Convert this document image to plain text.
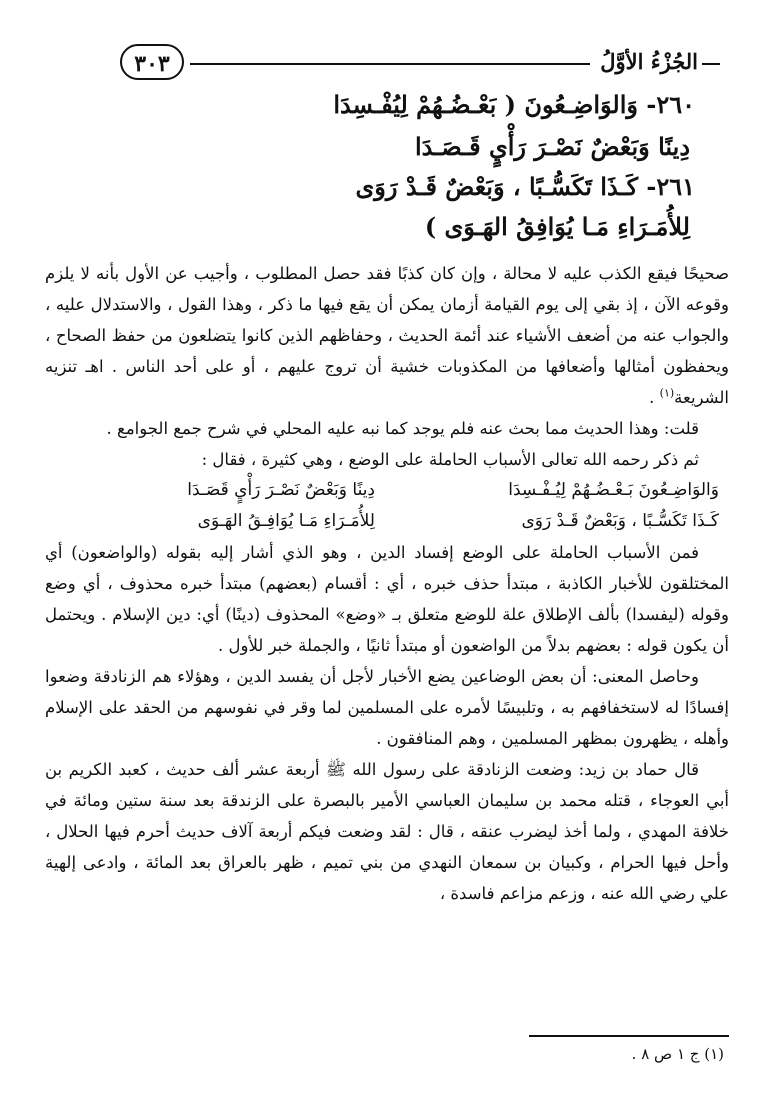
الجُزْءُ الأوَّلُ
٣٠٣
٢٦٠- وَالوَاضِـعُونَ ( بَعْـضُـهُمْ لِيُفْـسِدَا
دِينًا وَبَعْضٌ نَصْـرَ رَأْيٍ قَـصَـدَا
٢٦١- كَـذَا تَكَسُّـبًا ، وَبَعْضٌ قَـدْ رَوَى
لِلأُمَـرَاءِ مَـا يُوَافِقُ الهَـوَى )

صحيحًا فيقع الكذب عليه لا محالة ، وإن كان كذبًا فقد حصل المطلوب ، وأجيب عن الأول بأنه لا يلزم وقوعه الآن ، إذ بقي إلى يوم القيامة أزمان يمكن أن يقع فيها ما ذكر ، وهذا القول ، والاستدلال عليه ، والجواب عنه من أضعف الأشياء عند أئمة الحديث ، وحفاظهم الذين كانوا يتضلعون من حفظ الصحاح ، ويحفظون أمثالها وأضعافها من المكذوبات خشية أن تروج عليهم ، أو على أحد الناس . اهـ تنزيه الشريعة$^{(١)}$ .

قلت: وهذا الحديث مما بحث عنه فلم يوجد كما نبه عليه المحلي في شرح جمع الجوامع .

ثم ذكر رحمه الله تعالى الأسباب الحاملة على الوضع ، وهي كثيرة ، فقال :

وَالوَاضِـعُونَ بَـعْـضُـهُمْ لِيُـفْـسِدَا
دِينًا وَبَعْضٌ نَصْـرَ رَأْيٍ قَصَـدَا
كَـذَا تَكَسُّـبًا ، وَبَعْضٌ قَـدْ رَوَى
لِلأُمَـرَاءِ مَـا يُوَافِـقُ الهَـوَى

فمن الأسباب الحاملة على الوضع إفساد الدين ، وهو الذي أشار إليه بقوله (والواضعون) أي المختلقون للأخبار الكاذبة ، مبتدأ حذف خبره ، أي : أقسام (بعضهم) مبتدأ خبره محذوف ، أي وضع وقوله (ليفسدا) بألف الإطلاق علة للوضع متعلق بـ «وضع» المحذوف (دينًا) أي: دين الإسلام . ويحتمل أن يكون قوله : بعضهم بدلاً من الواضعون أو مبتدأ ثانيًا ، والجملة خبر للأول .

وحاصل المعنى: أن بعض الوضاعين يضع الأخبار لأجل أن يفسد الدين ، وهؤلاء هم الزنادقة وضعوا إفسادًا له لاستخفافهم به ، وتلبيسًا لأمره على المسلمين لما وقر في نفوسهم من الحقد على الإسلام وأهله ، يظهرون بمظهر المسلمين ، وهم المنافقون .

قال حماد بن زيد: وضعت الزنادقة على رسول الله ﷺ أربعة عشر ألف حديث ، كعبد الكريم بن أبي العوجاء ، قتله محمد بن سليمان العباسي الأمير بالبصرة على الزندقة بعد سنة ستين ومائة في خلافة المهدي ، ولما أخذ ليضرب عنقه ، قال : لقد وضعت فيكم أربعة آلاف حديث أحرم فيها الحلال ، وأحل فيها الحرام ، وكبيان بن سمعان النهدي من بني تميم ، ظهر بالعراق بعد المائة ، وادعى إلهية علي رضي الله عنه ، وزعم مزاعم فاسدة ،

(١) ج ١ ص ٨ .
